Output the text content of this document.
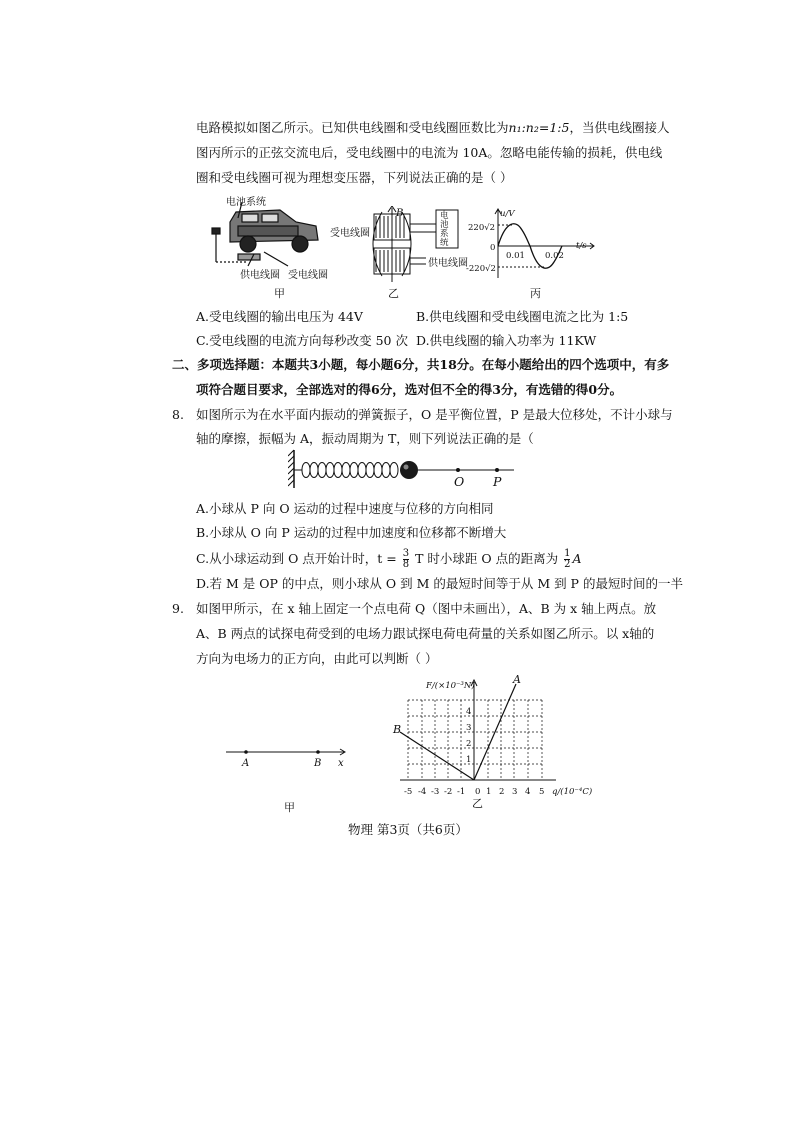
电路模拟如图乙所示。已知供电线圈和受电线圈匝数比为n₁:n₂=1:5，当供电线圈接人
图丙所示的正弦交流电后，受电线圈中的电流为 10A。忽略电能传输的损耗，供电线
圈和受电线圈可视为理想变压器，下列说法正确的是（ ）
电池系统
供电线圈 受电线圈
甲
B
受电线圈
供电线圈
电池系统
乙
u/V
t/s
220√2
0
-220√2
0.01 0.02
丙
A.受电线圈的输出电压为 44V	B.供电线圈和受电线圈电流之比为 1:5
C.受电线圈的电流方向每秒改变 50 次 D.供电线圈的输入功率为 11KW
二、多项选择题：本题共3小题，每小题6分，共18分。在每小题给出的四个选项中，有多
项符合题目要求，全部选对的得6分，选对但不全的得3分，有选错的得0分。
8. 如图所示为在水平面内振动的弹簧振子，O 是平衡位置，P 是最大位移处，不计小球与
轴的摩擦，振幅为 A，振动周期为 T，则下列说法正确的是（
O P
A.小球从 P 向 O 运动的过程中速度与位移的方向相同
B.小球从 O 向 P 运动的过程中加速度和位移都不断增大
C.从小球运动到 O 点开始计时，$t = \frac{3}{8}$ T 时小球距 O 点的距离为 $\frac{1}{2}$ A
D.若 M 是 OP 的中点，则小球从 O 到 M 的最短时间等于从 M 到 P 的最短时间的一半
9. 如图甲所示，在 x 轴上固定一个点电荷 Q（图中未画出），A、B 为 x 轴上两点。放
A、B 两点的试探电荷受到的电场力跟试探电荷电荷量的关系如图乙所示。以 x轴的
方向为电场力的正方向，由此可以判断（ ）
A	B x
甲
F/(×10⁻³N)	A
B
1
2
3
4
-5 -4 -3 -2 -1 0 1 2 3 4 5 q/(10⁻⁴C)
乙
物理 第3页（共6页）
